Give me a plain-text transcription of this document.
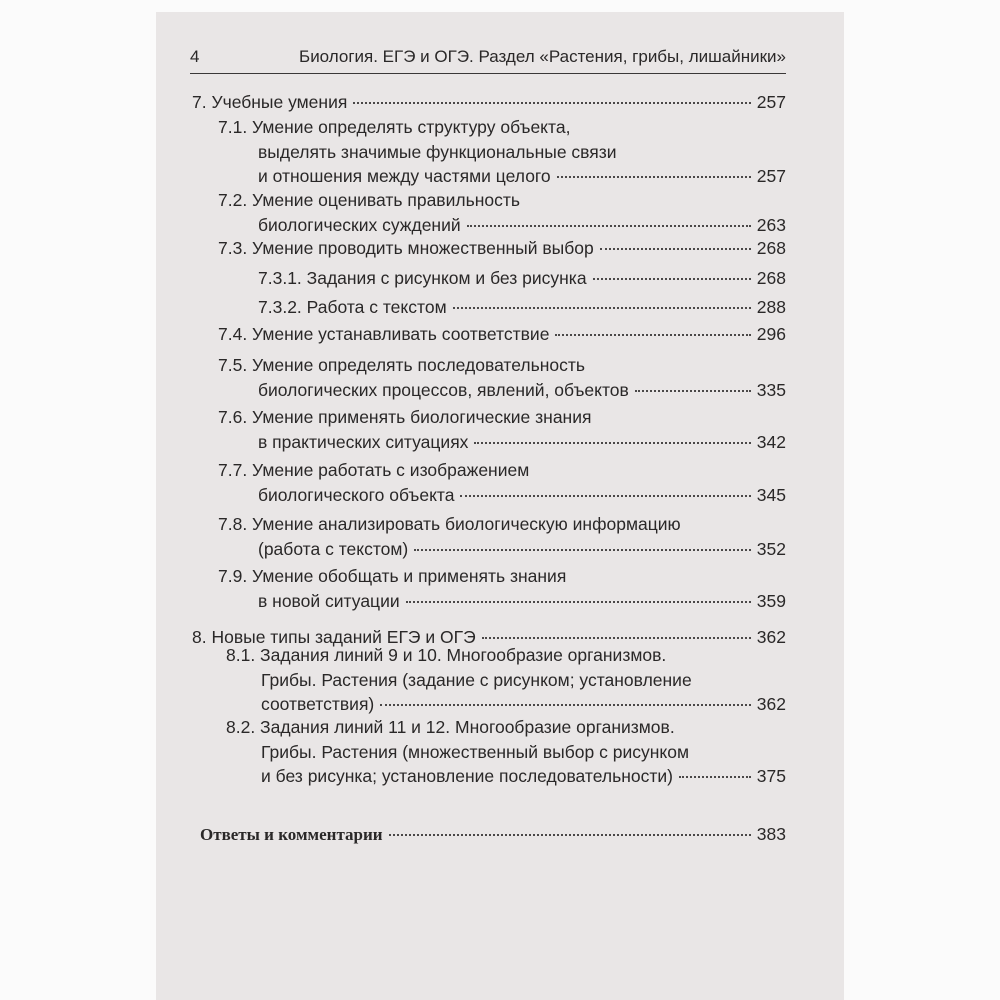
4	Биология. ЕГЭ и ОГЭ. Раздел «Растения, грибы, лишайники»
7. Учебные умения	257
7.1. Умение определять структуру объекта,
выделять значимые функциональные связи
и отношения между частями целого	257
7.2. Умение оценивать правильность
биологических суждений	263
7.3. Умение проводить множественный выбор	268
7.3.1. Задания с рисунком и без рисунка	268
7.3.2. Работа с текстом	288
7.4. Умение устанавливать соответствие	296
7.5. Умение определять последовательность
биологических процессов, явлений, объектов	335
7.6. Умение применять биологические знания
в практических ситуациях	342
7.7. Умение работать с изображением
биологического объекта	345
7.8. Умение анализировать биологическую информацию
(работа с текстом)	352
7.9. Умение обобщать и применять знания
в новой ситуации	359
8. Новые типы заданий ЕГЭ и ОГЭ	362
8.1. Задания линий 9 и 10. Многообразие организмов.
Грибы. Растения (задание с рисунком; установление
соответствия)	362
8.2. Задания линий 11 и 12. Многообразие организмов.
Грибы. Растения (множественный выбор с рисунком
и без рисунка; установление последовательности)	375
Ответы и комментарии	383
